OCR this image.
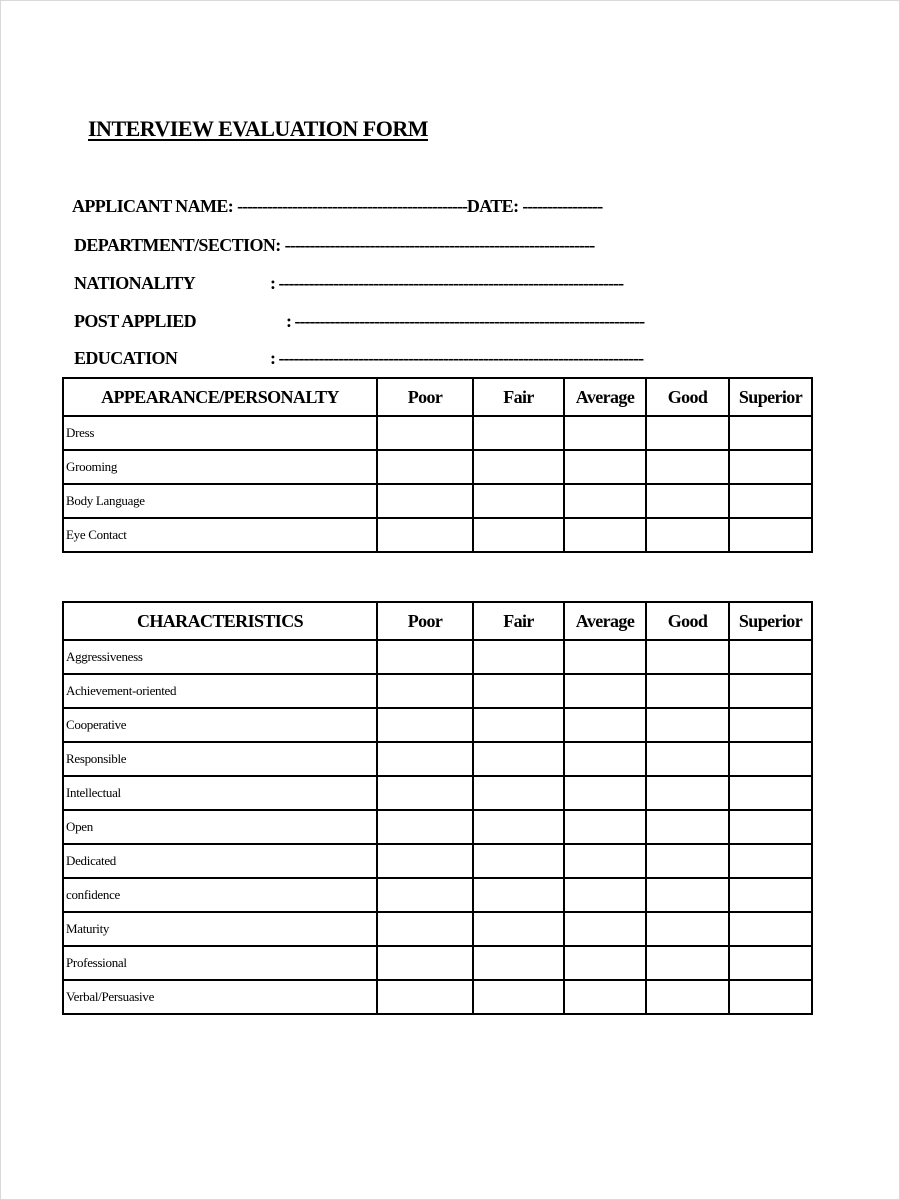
INTERVIEW EVALUATION FORM
APPLICANT NAME: ----------------------------------------------DATE: ----------------
DEPARTMENT/SECTION: --------------------------------------------------------------
NATIONALITY	: ---------------------------------------------------------------------
POST APPLIED	: ----------------------------------------------------------------------
EDUCATION	: -------------------------------------------------------------------------
APPEARANCE/PERSONALTY	Poor	Fair	Average	Good	Superior
Dress					
Grooming					
Body Language					
Eye Contact					
CHARACTERISTICS	Poor	Fair	Average	Good	Superior
Aggressiveness					
Achievement-oriented					
Cooperative					
Responsible					
Intellectual					
Open					
Dedicated					
confidence					
Maturity					
Professional					
Verbal/Persuasive					
